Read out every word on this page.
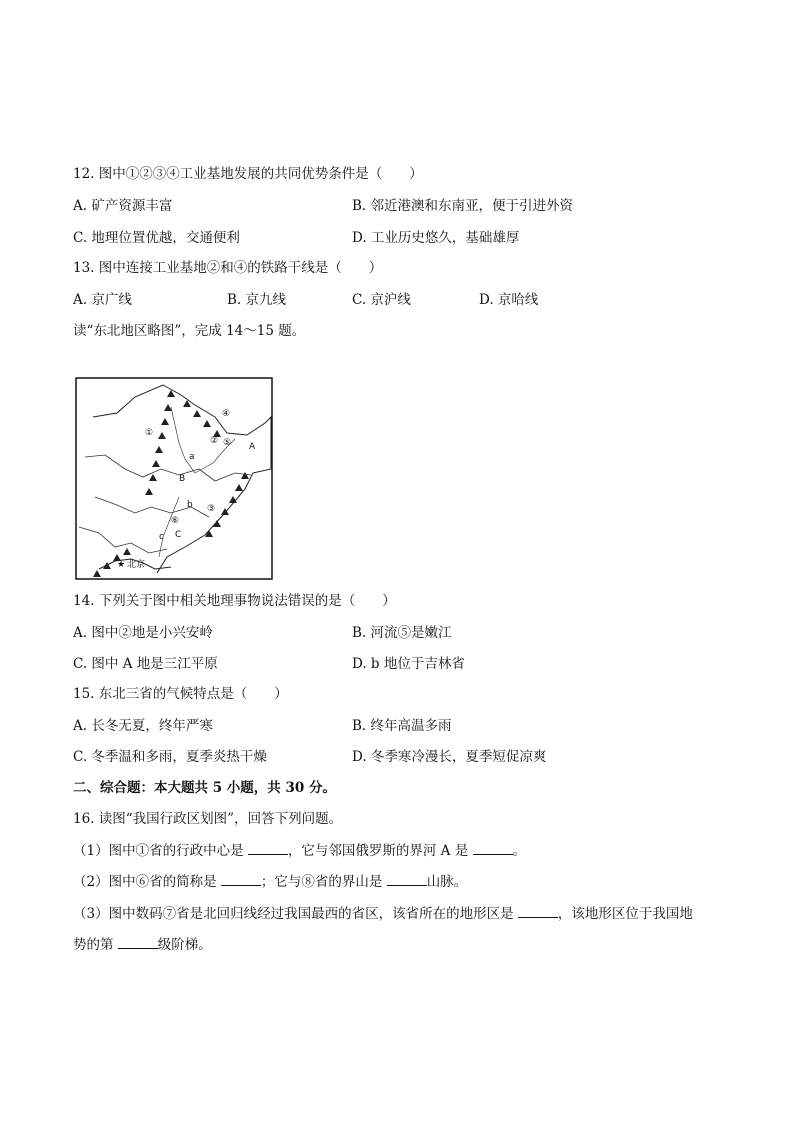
12. 图中①②③④工业基地发展的共同优势条件是（　　）
A. 矿产资源丰富	B. 邻近港澳和东南亚，便于引进外资
C. 地理位置优越，交通便利	D. 工业历史悠久，基础雄厚
13. 图中连接工业基地②和④的铁路干线是（　　）
A. 京广线	B. 京九线	C. 京沪线	D. 京哈线
读“东北地区略图”，完成 14～15 题。
①
②
③
④
⑤
⑥
a
b
c
A
B
C
★ 北京
14. 下列关于图中相关地理事物说法错误的是（　　）
A. 图中②地是小兴安岭	B. 河流⑤是嫩江
C. 图中 A 地是三江平原	D. b 地位于吉林省
15. 东北三省的气候特点是（　　）
A. 长冬无夏，终年严寒	B. 终年高温多雨
C. 冬季温和多雨，夏季炎热干燥	D. 冬季寒冷漫长，夏季短促凉爽
二、综合题：本大题共 5 小题，共 30 分。
16. 读图“我国行政区划图”，回答下列问题。
（1）图中①省的行政中心是	，它与邻国俄罗斯的界河 A 是	。
（2）图中⑥省的简称是	；它与⑧省的界山是	山脉。
（3）图中数码⑦省是北回归线经过我国最西的省区，该省所在的地形区是	，该地形区位于我国地
势的第	级阶梯。
